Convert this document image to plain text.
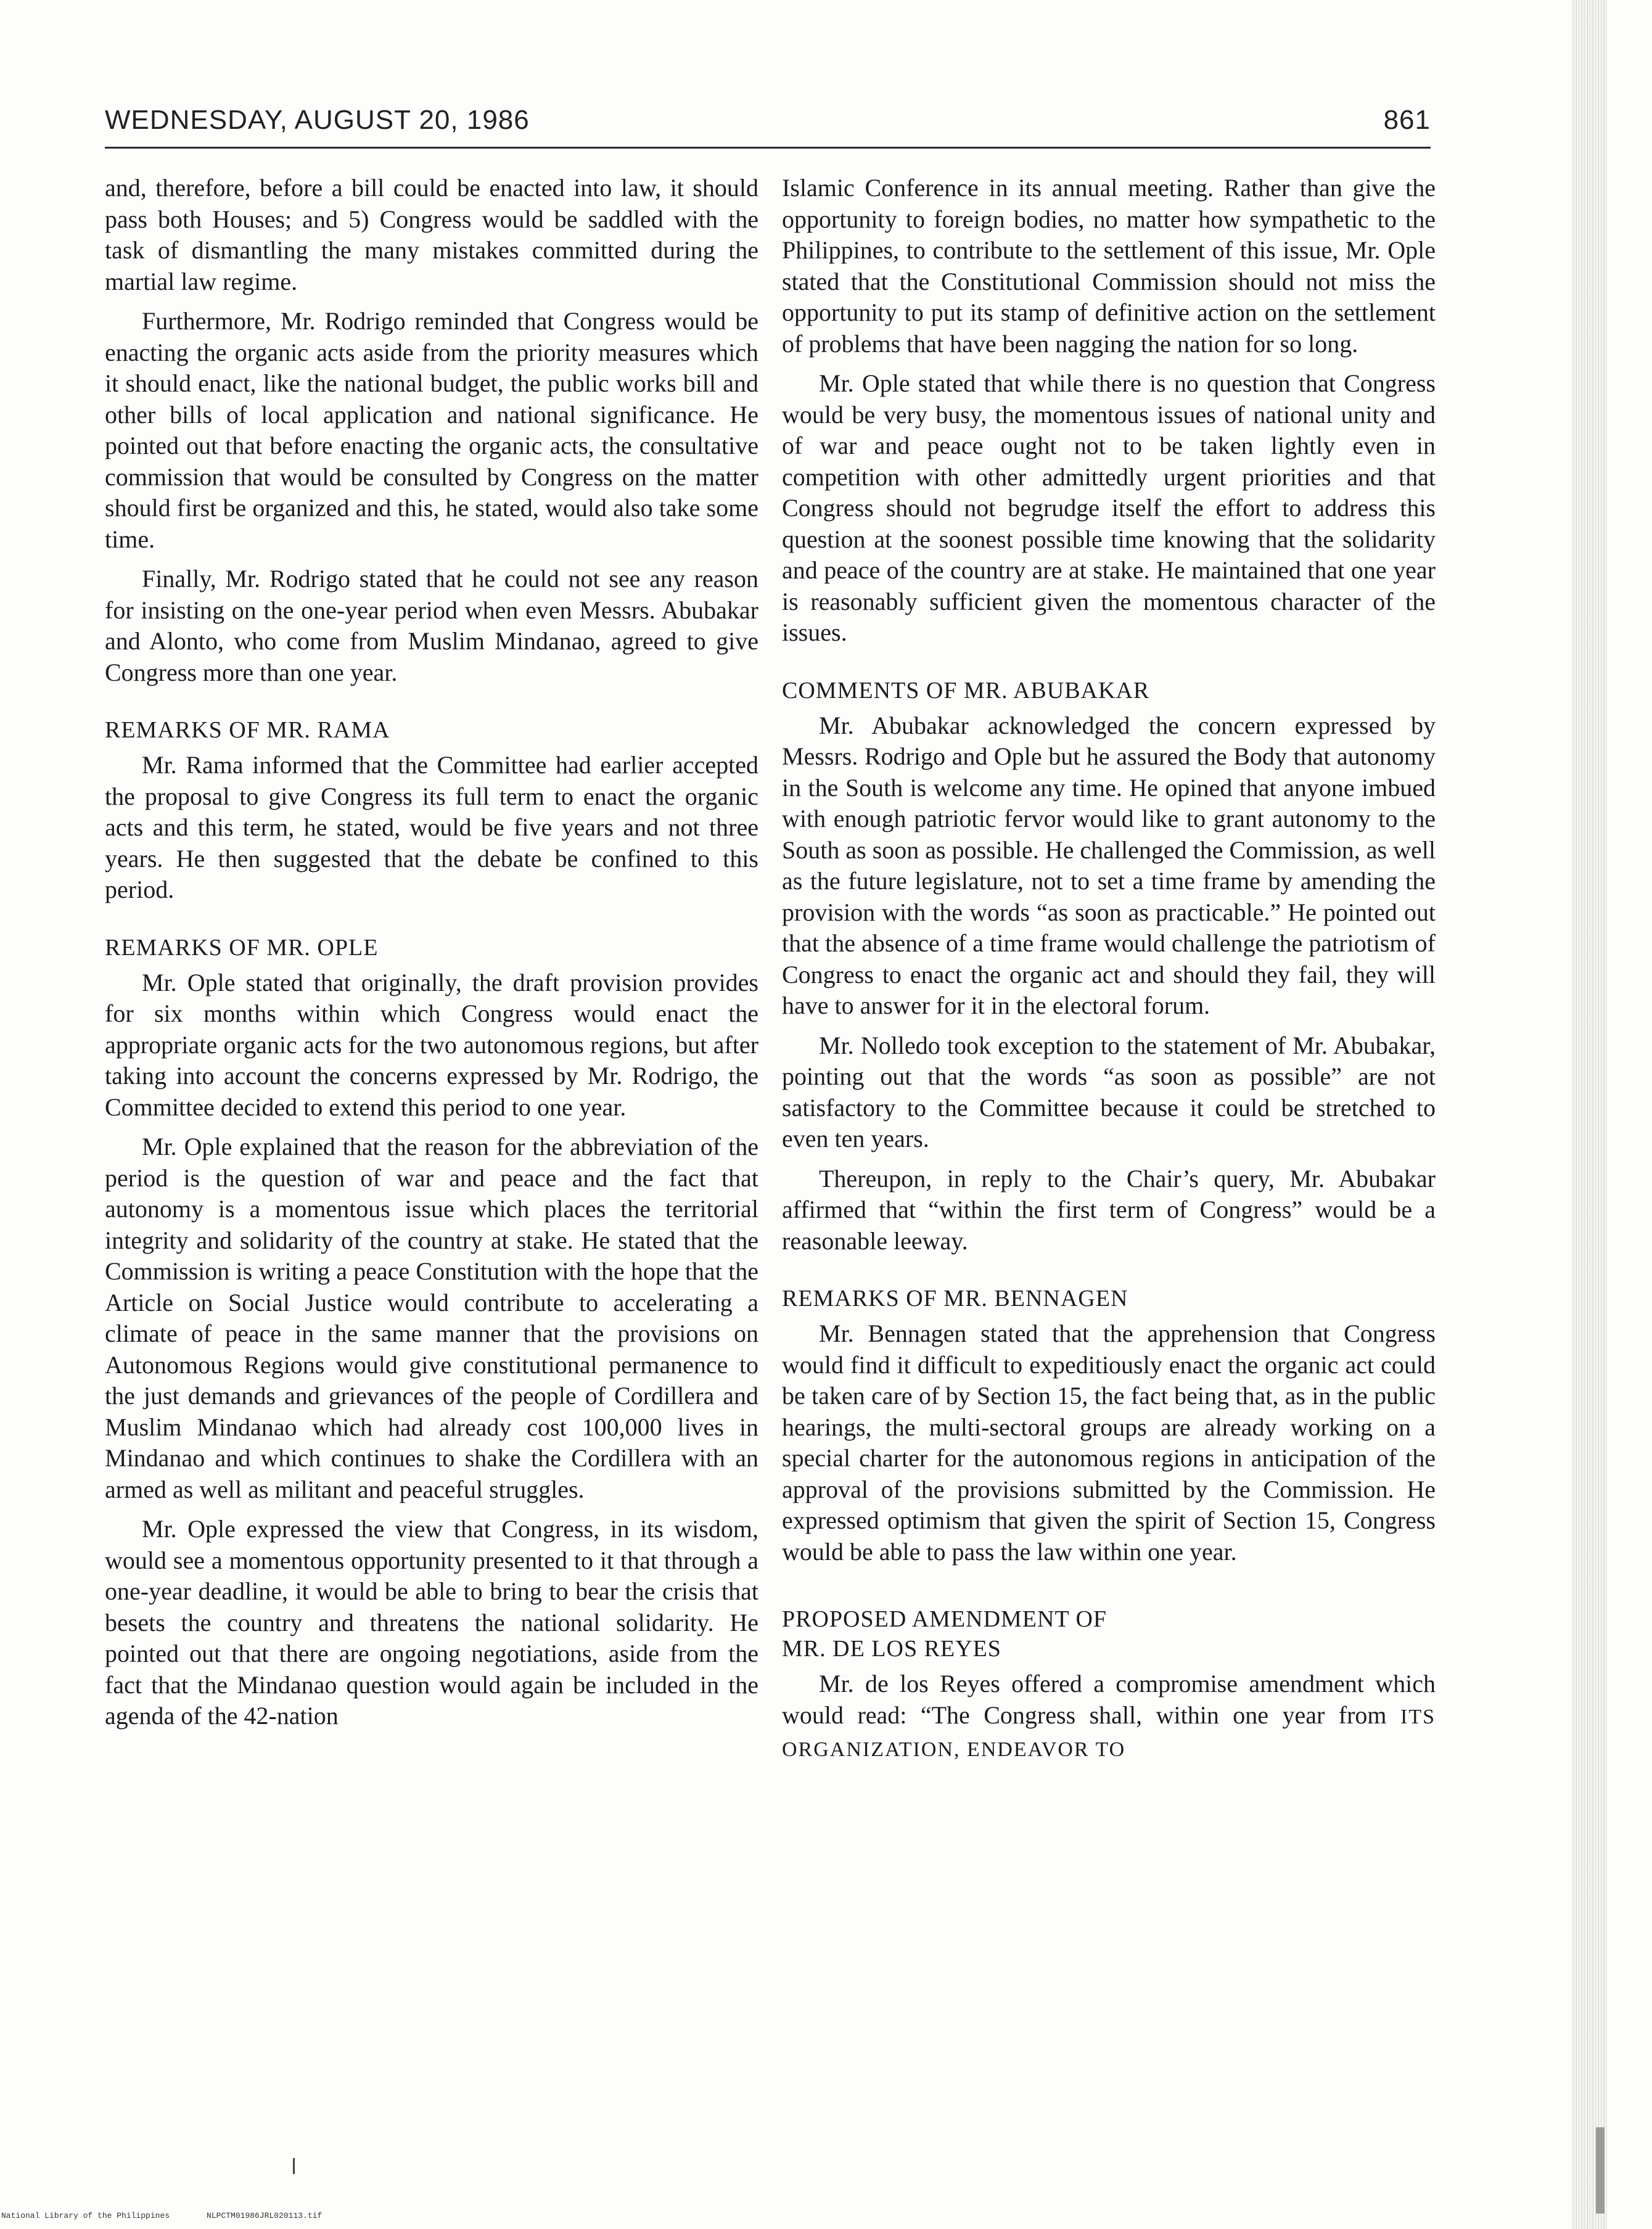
WEDNESDAY, AUGUST 20, 1986	861

and, therefore, before a bill could be enacted into law, it should pass both Houses; and 5) Congress would be saddled with the task of dismantling the many mistakes committed during the martial law regime.

Furthermore, Mr. Rodrigo reminded that Congress would be enacting the organic acts aside from the priority measures which it should enact, like the national budget, the public works bill and other bills of local application and national significance. He pointed out that before enacting the organic acts, the consultative commission that would be consulted by Congress on the matter should first be organized and this, he stated, would also take some time.

Finally, Mr. Rodrigo stated that he could not see any reason for insisting on the one-year period when even Messrs. Abubakar and Alonto, who come from Muslim Mindanao, agreed to give Congress more than one year.

REMARKS OF MR. RAMA

Mr. Rama informed that the Committee had earlier accepted the proposal to give Congress its full term to enact the organic acts and this term, he stated, would be five years and not three years. He then suggested that the debate be confined to this period.

REMARKS OF MR. OPLE

Mr. Ople stated that originally, the draft provision provides for six months within which Congress would enact the appropriate organic acts for the two autonomous regions, but after taking into account the concerns expressed by Mr. Rodrigo, the Committee decided to extend this period to one year.

Mr. Ople explained that the reason for the abbreviation of the period is the question of war and peace and the fact that autonomy is a momentous issue which places the territorial integrity and solidarity of the country at stake. He stated that the Commission is writing a peace Constitution with the hope that the Article on Social Justice would contribute to accelerating a climate of peace in the same manner that the provisions on Autonomous Regions would give constitutional permanence to the just demands and grievances of the people of Cordillera and Muslim Mindanao which had already cost 100,000 lives in Mindanao and which continues to shake the Cordillera with an armed as well as militant and peaceful struggles.

Mr. Ople expressed the view that Congress, in its wisdom, would see a momentous opportunity presented to it that through a one-year deadline, it would be able to bring to bear the crisis that besets the country and threatens the national solidarity. He pointed out that there are ongoing negotiations, aside from the fact that the Mindanao question would again be included in the agenda of the 42-nation

Islamic Conference in its annual meeting. Rather than give the opportunity to foreign bodies, no matter how sympathetic to the Philippines, to contribute to the settlement of this issue, Mr. Ople stated that the Constitutional Commission should not miss the opportunity to put its stamp of definitive action on the settlement of problems that have been nagging the nation for so long.

Mr. Ople stated that while there is no question that Congress would be very busy, the momentous issues of national unity and of war and peace ought not to be taken lightly even in competition with other admittedly urgent priorities and that Congress should not begrudge itself the effort to address this question at the soonest possible time knowing that the solidarity and peace of the country are at stake. He maintained that one year is reasonably sufficient given the momentous character of the issues.

COMMENTS OF MR. ABUBAKAR

Mr. Abubakar acknowledged the concern expressed by Messrs. Rodrigo and Ople but he assured the Body that autonomy in the South is welcome any time. He opined that anyone imbued with enough patriotic fervor would like to grant autonomy to the South as soon as possible. He challenged the Commission, as well as the future legislature, not to set a time frame by amending the provision with the words “as soon as practicable.” He pointed out that the absence of a time frame would challenge the patriotism of Congress to enact the organic act and should they fail, they will have to answer for it in the electoral forum.

Mr. Nolledo took exception to the statement of Mr. Abubakar, pointing out that the words “as soon as possible” are not satisfactory to the Committee because it could be stretched to even ten years.

Thereupon, in reply to the Chair’s query, Mr. Abubakar affirmed that “within the first term of Congress” would be a reasonable leeway.

REMARKS OF MR. BENNAGEN

Mr. Bennagen stated that the apprehension that Congress would find it difficult to expeditiously enact the organic act could be taken care of by Section 15, the fact being that, as in the public hearings, the multi-sectoral groups are already working on a special charter for the autonomous regions in anticipation of the approval of the provisions submitted by the Commission. He expressed optimism that given the spirit of Section 15, Congress would be able to pass the law within one year.

PROPOSED AMENDMENT OF
MR. DE LOS REYES

Mr. de los Reyes offered a compromise amendment which would read: “The Congress shall, within one year from ITS ORGANIZATION, ENDEAVOR TO

National Library of the Philippines	NLPCTM01986JRL020113.tif
